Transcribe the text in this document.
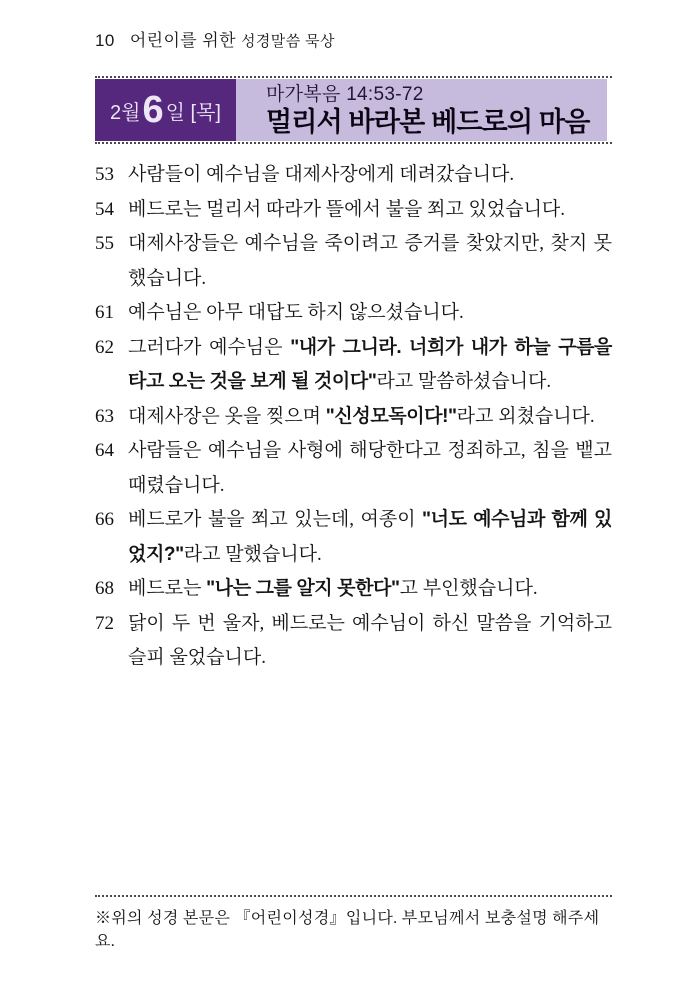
10 어린이를 위한 성경말씀 묵상
2월 6 일 [목]
마가복음 14:53-72
멀리서 바라본 베드로의 마음

53 사람들이 예수님을 대제사장에게 데려갔습니다.

54 베드로는 멀리서 따라가 뜰에서 불을 쬐고 있었습니다.

55 대제사장들은 예수님을 죽이려고 증거를 찾았지만, 찾지 못했습니다.

61 예수님은 아무 대답도 하지 않으셨습니다.

62 그러다가 예수님은 "내가 그니라. 너희가 내가 하늘 구름을 타고 오는 것을 보게 될 것이다"라고 말씀하셨습니다.

63 대제사장은 옷을 찢으며 "신성모독이다!"라고 외쳤습니다.

64 사람들은 예수님을 사형에 해당한다고 정죄하고, 침을 뱉고 때렸습니다.

66 베드로가 불을 쬐고 있는데, 여종이 "너도 예수님과 함께 있었지?"라고 말했습니다.

68 베드로는 "나는 그를 알지 못한다"고 부인했습니다.

72 닭이 두 번 울자, 베드로는 예수님이 하신 말씀을 기억하고 슬피 울었습니다.

※위의 성경 본문은 『어린이성경』입니다. 부모님께서 보충설명 해주세요.
